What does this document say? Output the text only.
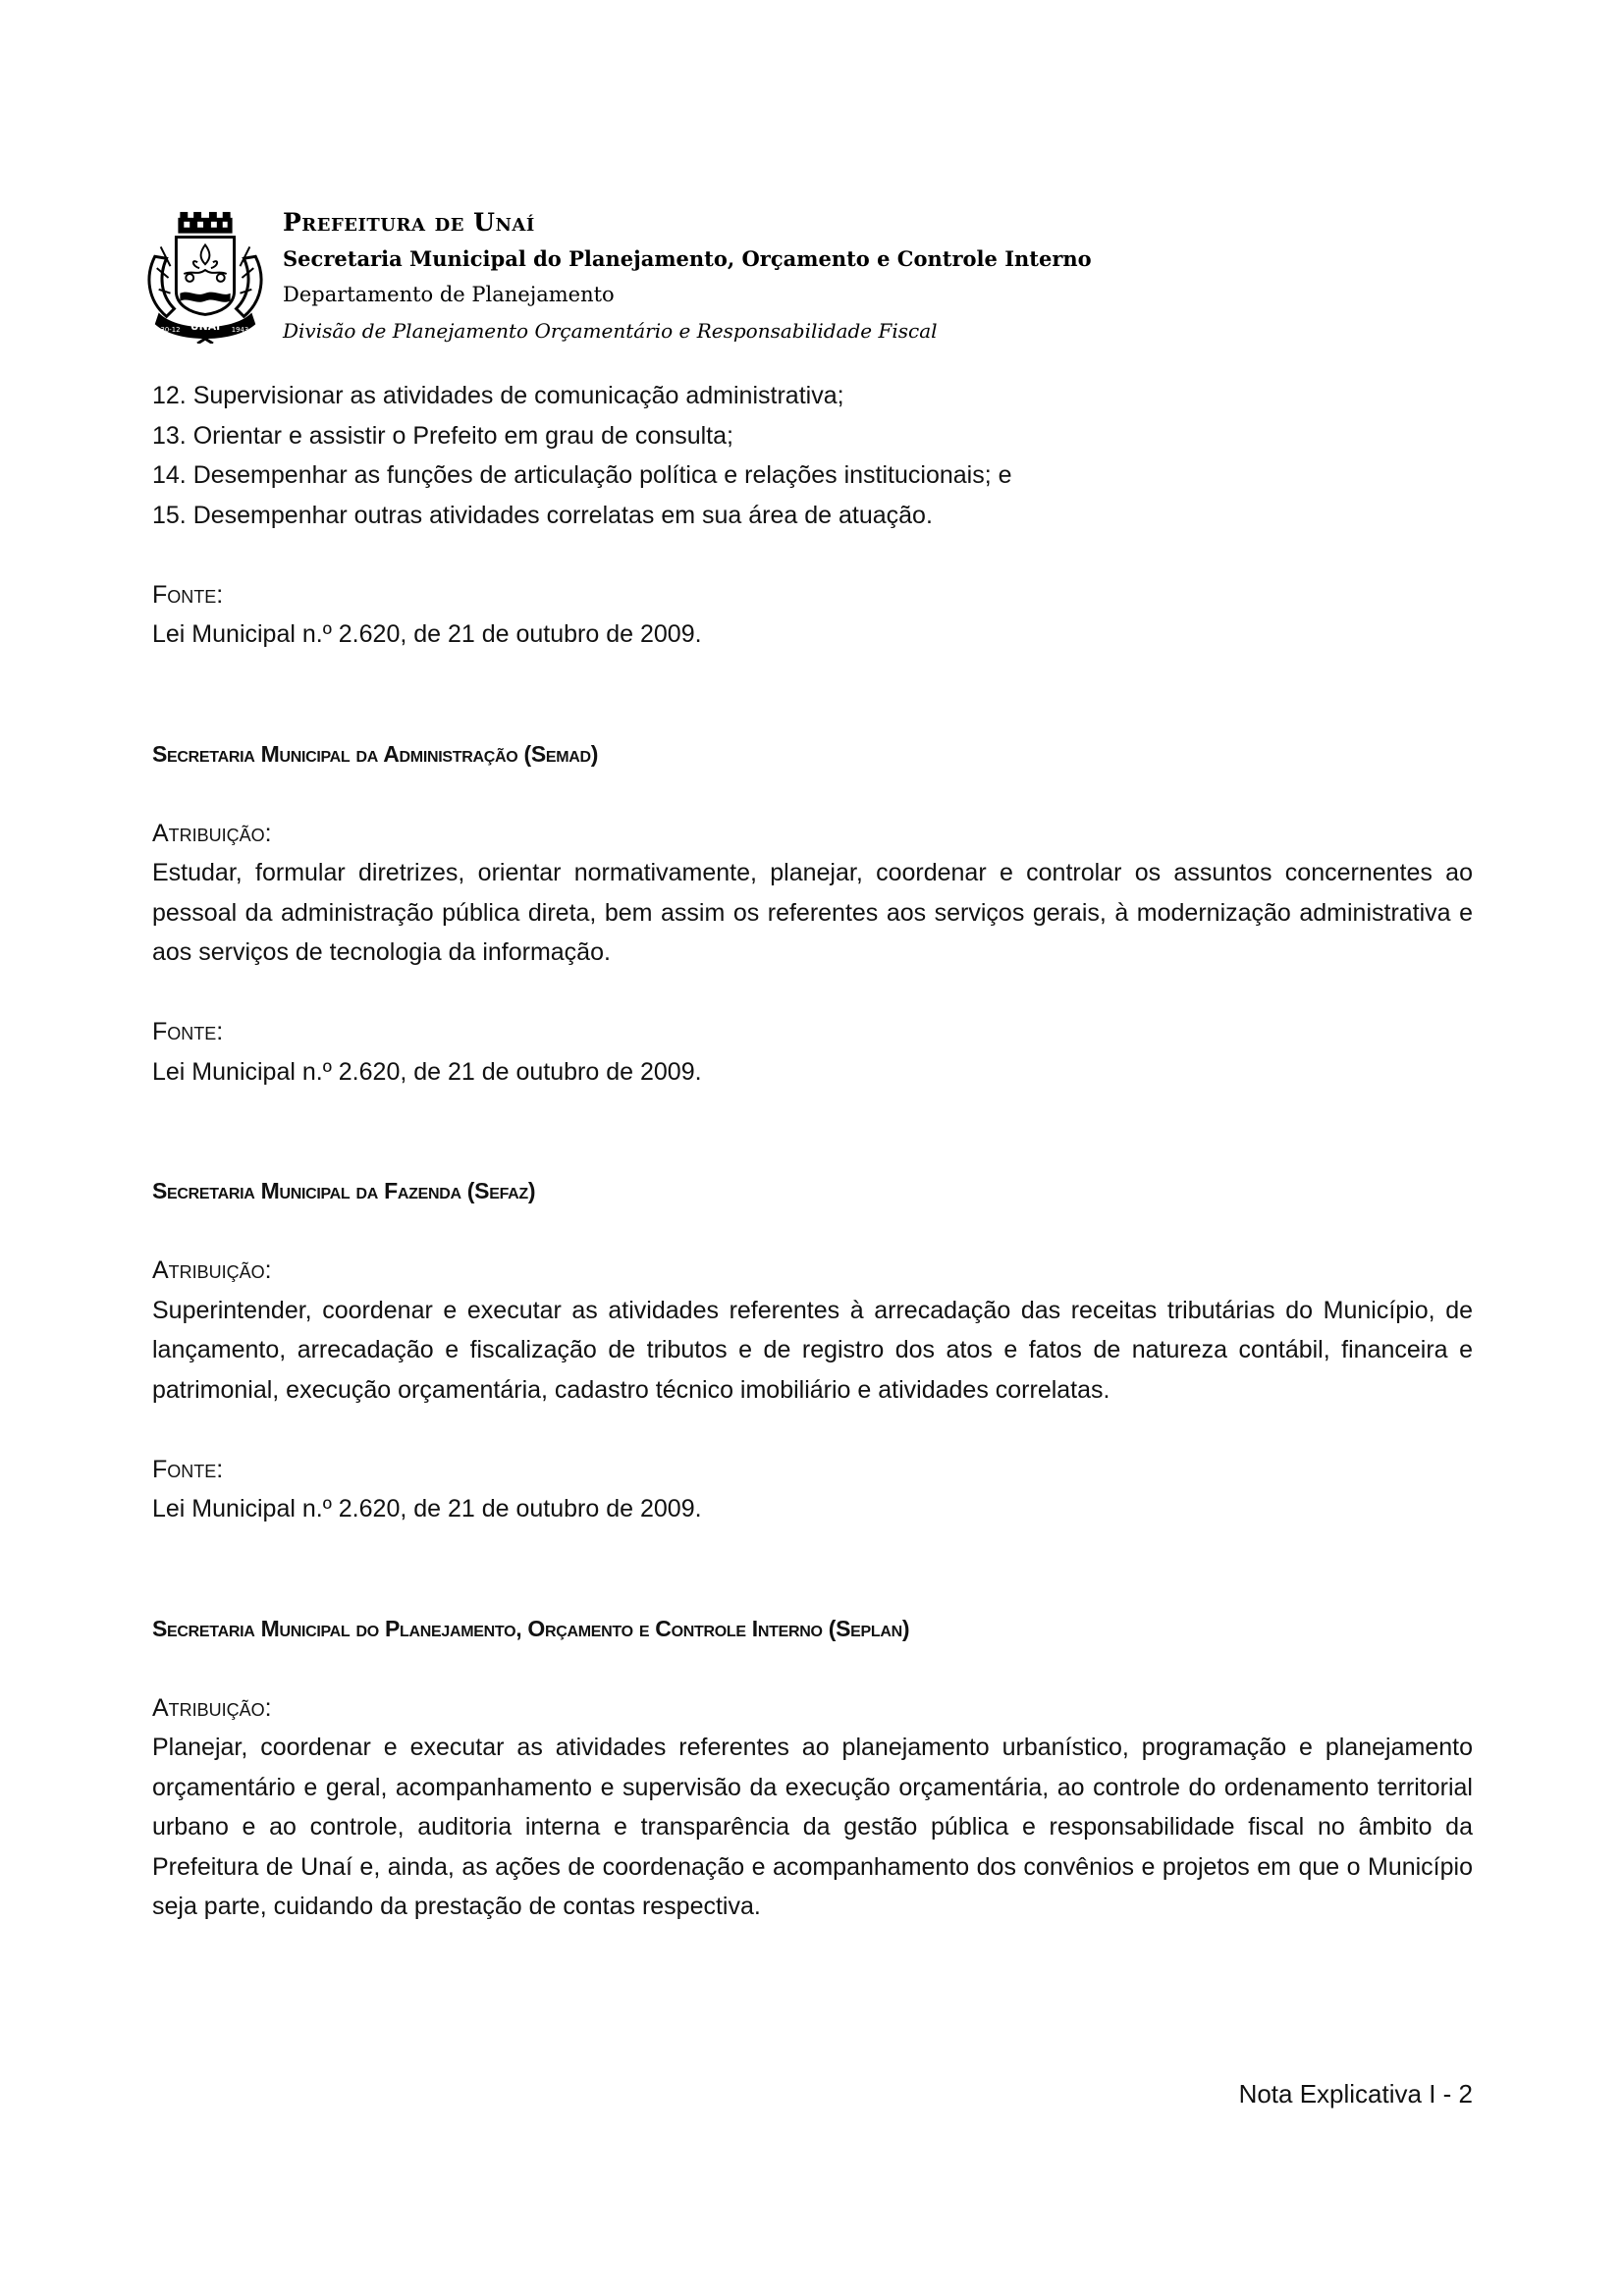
UNAÍ
30-12	1943
Prefeitura de Unaí
Secretaria Municipal do Planejamento, Orçamento e Controle Interno
Departamento de Planejamento
Divisão de Planejamento Orçamentário e Responsabilidade Fiscal
12. Supervisionar as atividades de comunicação administrativa;
13. Orientar e assistir o Prefeito em grau de consulta;
14. Desempenhar as funções de articulação política e relações institucionais; e
15. Desempenhar outras atividades correlatas em sua área de atuação.
Fonte:
Lei Municipal n.º 2.620, de 21 de outubro de 2009.
Secretaria Municipal da Administração (Semad)
Atribuição:
Estudar, formular diretrizes, orientar normativamente, planejar, coordenar e controlar os assuntos concernentes ao pessoal da administração pública direta, bem assim os referentes aos serviços gerais, à modernização administrativa e aos serviços de tecnologia da informação.
Fonte:
Lei Municipal n.º 2.620, de 21 de outubro de 2009.
Secretaria Municipal da Fazenda (Sefaz)
Atribuição:
Superintender, coordenar e executar as atividades referentes à arrecadação das receitas tributárias do Município, de lançamento, arrecadação e fiscalização de tributos e de registro dos atos e fatos de natureza contábil, financeira e patrimonial, execução orçamentária, cadastro técnico imobiliário e atividades correlatas.
Fonte:
Lei Municipal n.º 2.620, de 21 de outubro de 2009.
Secretaria Municipal do Planejamento, Orçamento e Controle Interno (Seplan)
Atribuição:
Planejar, coordenar e executar as atividades referentes ao planejamento urbanístico, programação e planejamento orçamentário e geral, acompanhamento e supervisão da execução orçamentária, ao controle do ordenamento territorial urbano e ao controle, auditoria interna e transparência da gestão pública e responsabilidade fiscal no âmbito da Prefeitura de Unaí e, ainda, as ações de coordenação e acompanhamento dos convênios e projetos em que o Município seja parte, cuidando da prestação de contas respectiva.
Nota Explicativa I - 2
